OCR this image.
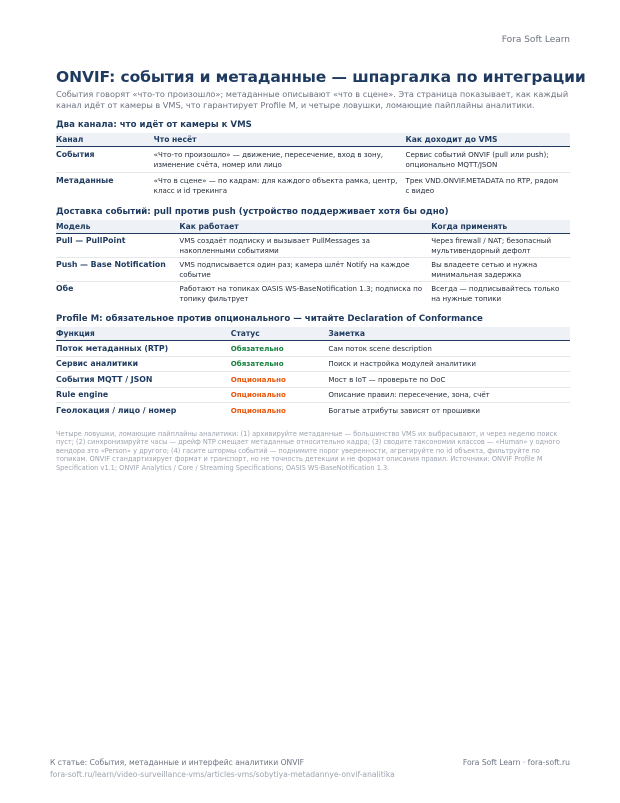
Fora Soft Learn
ONVIF: события и метаданные — шпаргалка по интеграции
События говорят «что-то произошло»; метаданные описывают «что в сцене». Эта страница показывает, как каждый канал идёт от камеры в VMS, что гарантирует Profile M, и четыре ловушки, ломающие пайплайны аналитики.
Два канала: что идёт от камеры к VMS
Канал	Что несёт	Как доходит до VMS
События	«Что-то произошло» — движение, пересечение, вход в зону, изменение счёта, номер или лицо	Сервис событий ONVIF (pull или push); опционально MQTT/JSON
Метаданные	«Что в сцене» — по кадрам: для каждого объекта рамка, центр, класс и id трекинга	Трек VND.ONVIF.METADATA по RTP, рядом с видео
Доставка событий: pull против push (устройство поддерживает хотя бы одно)
Модель	Как работает	Когда применять
Pull — PullPoint	VMS создаёт подписку и вызывает PullMessages за накопленными событиями	Через firewall / NAT; безопасный мультивендорный дефолт
Push — Base Notification	VMS подписывается один раз; камера шлёт Notify на каждое событие	Вы владеете сетью и нужна минимальная задержка
Обе	Работают на топиках OASIS WS-BaseNotification 1.3; подписка по топику фильтрует	Всегда — подписывайтесь только на нужные топики
Profile M: обязательное против опционального — читайте Declaration of Conformance
Функция	Статус	Заметка
Поток метаданных (RTP)	Обязательно	Сам поток scene description
Сервис аналитики	Обязательно	Поиск и настройка модулей аналитики
События MQTT / JSON	Опционально	Мост в IoT — проверьте по DoC
Rule engine	Опционально	Описание правил: пересечение, зона, счёт
Геолокация / лицо / номер	Опционально	Богатые атрибуты зависят от прошивки
Четыре ловушки, ломающие пайплайны аналитики: (1) архивируйте метаданные — большинство VMS их выбрасывают, и через неделю поиск пуст; (2) синхронизируйте часы — дрейф NTP смещает метаданные относительно кадра; (3) сводите таксономии классов — «Human» у одного вендора это «Person» у другого; (4) гасите штормы событий — поднимите порог уверенности, агрегируйте по id объекта, фильтруйте по топикам. ONVIF стандартизирует формат и транспорт, но не точность детекции и не формат описания правил. Источники: ONVIF Profile M Specification v1.1; ONVIF Analytics / Core / Streaming Specifications; OASIS WS-BaseNotification 1.3.
К статье: События, метаданные и интерфейс аналитики ONVIF	Fora Soft Learn · fora-soft.ru
fora-soft.ru/learn/video-surveillance-vms/articles-vms/sobytiya-metadannye-onvif-analitika
